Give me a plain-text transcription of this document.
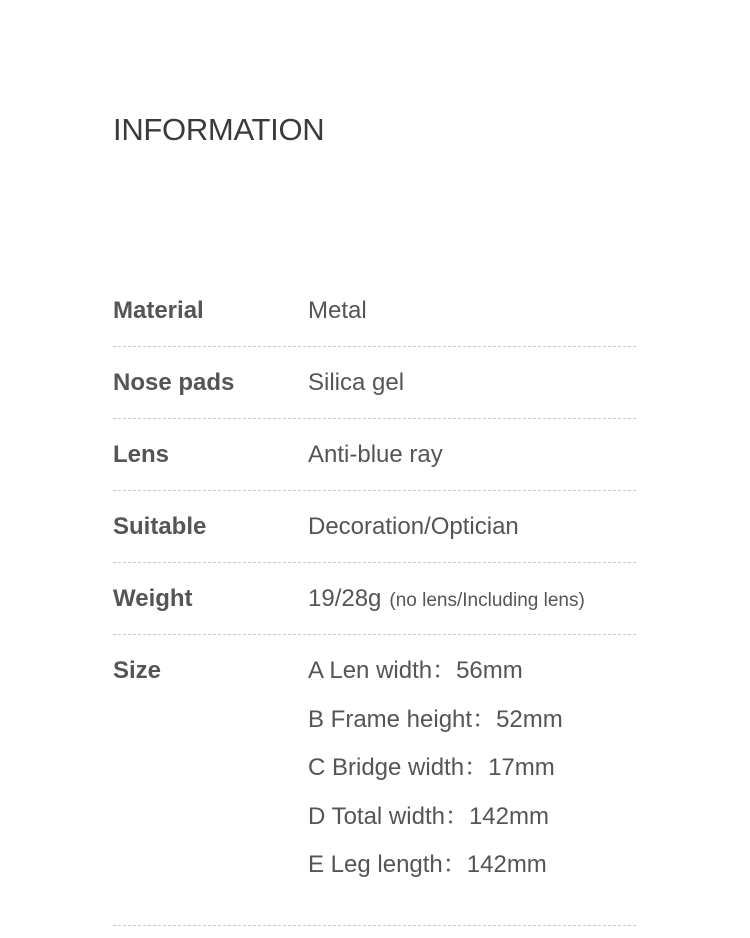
INFORMATION
Material	Metal
Nose pads	Silica gel
Lens	Anti-blue ray
Suitable	Decoration/Optician
Weight	19/28g (no lens/Including lens)
Size	A Len width：56mm
B Frame height：52mm
C Bridge width：17mm
D Total width：142mm
E Leg length：142mm
